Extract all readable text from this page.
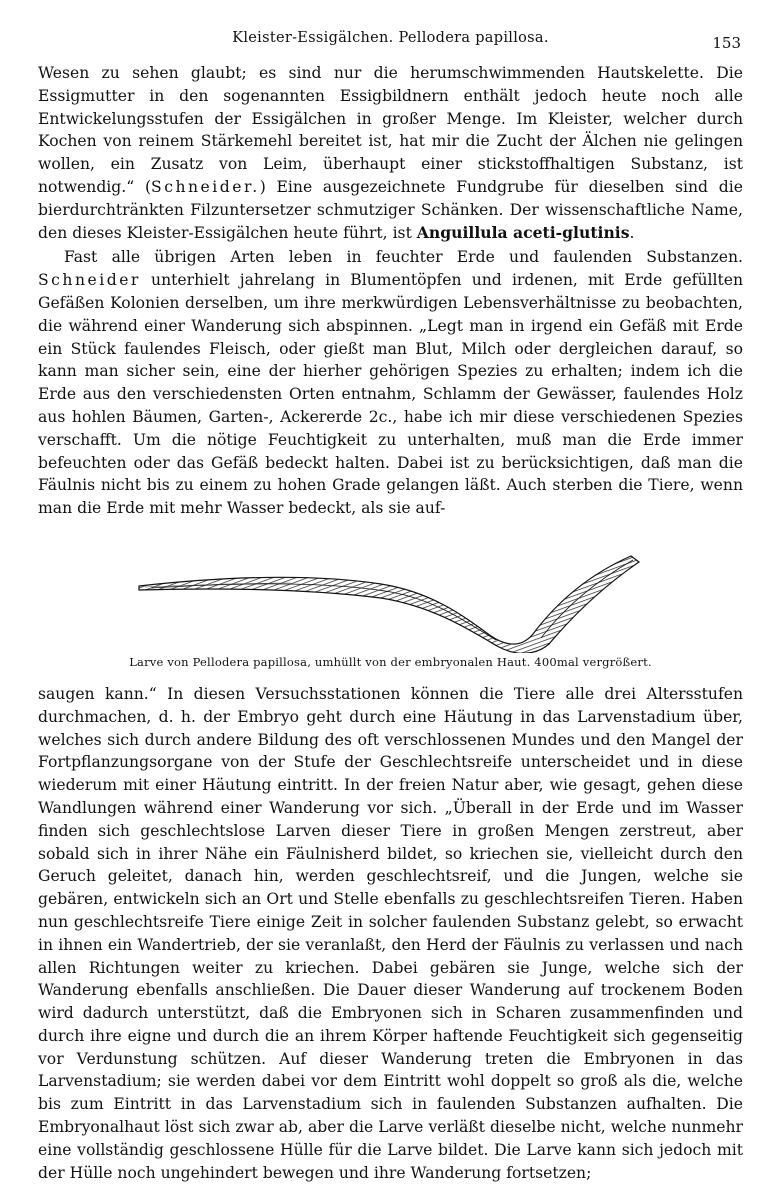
Kleister-Essigälchen. Pellodera papillosa.	153

Wesen zu sehen glaubt; es sind nur die herumschwimmenden Hautskelette. Die Essigmutter in den sogenannten Essigbildnern enthält jedoch heute noch alle Entwickelungsstufen der Essigälchen in großer Menge. Im Kleister, welcher durch Kochen von reinem Stärkemehl bereitet ist, hat mir die Zucht der Älchen nie gelingen wollen, ein Zusatz von Leim, überhaupt einer stickstoffhaltigen Substanz, ist notwendig.“ (Schneider.) Eine ausgezeichnete Fundgrube für dieselben sind die bierdurchtränkten Filzuntersetzer schmutziger Schänken. Der wissenschaftliche Name, den dieses Kleister-Essigälchen heute führt, ist Anguillula aceti-glutinis.

Fast alle übrigen Arten leben in feuchter Erde und faulenden Substanzen. Schneider unterhielt jahrelang in Blumentöpfen und irdenen, mit Erde gefüllten Gefäßen Kolonien derselben, um ihre merkwürdigen Lebensverhältnisse zu beobachten, die während einer Wanderung sich abspinnen. „Legt man in irgend ein Gefäß mit Erde ein Stück faulendes Fleisch, oder gießt man Blut, Milch oder dergleichen darauf, so kann man sicher sein, eine der hierher gehörigen Spezies zu erhalten; indem ich die Erde aus den verschiedensten Orten entnahm, Schlamm der Gewässer, faulendes Holz aus hohlen Bäumen, Garten-, Ackererde 2c., habe ich mir diese verschiedenen Spezies verschafft. Um die nötige Feuchtigkeit zu unterhalten, muß man die Erde immer befeuchten oder das Gefäß bedeckt halten. Dabei ist zu berücksichtigen, daß man die Fäulnis nicht bis zu einem zu hohen Grade gelangen läßt. Auch sterben die Tiere, wenn man die Erde mit mehr Wasser bedeckt, als sie auf-

Larve von Pellodera papillosa, umhüllt von der embryonalen Haut. 400mal vergrößert.

saugen kann.“ In diesen Versuchsstationen können die Tiere alle drei Altersstufen durchmachen, d. h. der Embryo geht durch eine Häutung in das Larvenstadium über, welches sich durch andere Bildung des oft verschlossenen Mundes und den Mangel der Fortpflanzungsorgane von der Stufe der Geschlechtsreife unterscheidet und in diese wiederum mit einer Häutung eintritt. In der freien Natur aber, wie gesagt, gehen diese Wandlungen während einer Wanderung vor sich. „Überall in der Erde und im Wasser finden sich geschlechtslose Larven dieser Tiere in großen Mengen zerstreut, aber sobald sich in ihrer Nähe ein Fäulnisherd bildet, so kriechen sie, vielleicht durch den Geruch geleitet, danach hin, werden geschlechtsreif, und die Jungen, welche sie gebären, entwickeln sich an Ort und Stelle ebenfalls zu geschlechtsreifen Tieren. Haben nun geschlechtsreife Tiere einige Zeit in solcher faulenden Substanz gelebt, so erwacht in ihnen ein Wandertrieb, der sie veranlaßt, den Herd der Fäulnis zu verlassen und nach allen Richtungen weiter zu kriechen. Dabei gebären sie Junge, welche sich der Wanderung ebenfalls anschließen. Die Dauer dieser Wanderung auf trockenem Boden wird dadurch unterstützt, daß die Embryonen sich in Scharen zusammenfinden und durch ihre eigne und durch die an ihrem Körper haftende Feuchtigkeit sich gegenseitig vor Verdunstung schützen. Auf dieser Wanderung treten die Embryonen in das Larvenstadium; sie werden dabei vor dem Eintritt wohl doppelt so groß als die, welche bis zum Eintritt in das Larvenstadium sich in faulenden Substanzen aufhalten. Die Embryonalhaut löst sich zwar ab, aber die Larve verläßt dieselbe nicht, welche nunmehr eine vollständig geschlossene Hülle für die Larve bildet. Die Larve kann sich jedoch mit der Hülle noch ungehindert bewegen und ihre Wanderung fortsetzen;
